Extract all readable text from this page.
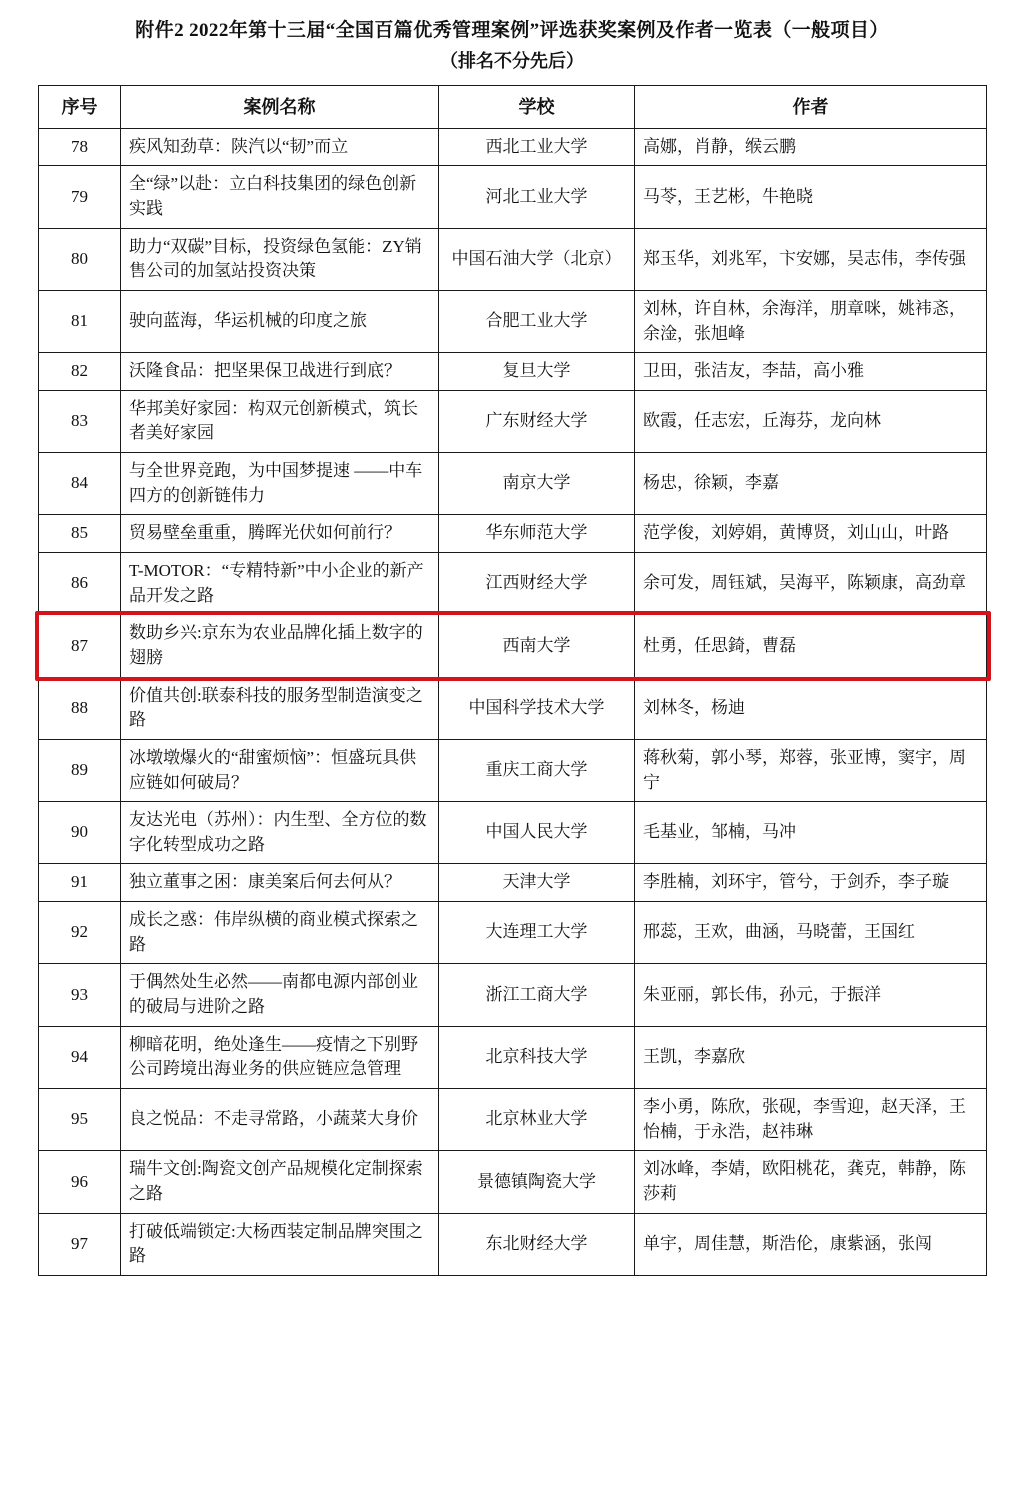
附件2 2022年第十三届“全国百篇优秀管理案例”评选获奖案例及作者一览表（一般项目）
（排名不分先后）
序号	案例名称	学校	作者
78	疾风知劲草：陕汽以“韧”而立	西北工业大学	高娜，肖静，缑云鹏
79	全“绿”以赴：立白科技集团的绿色创新实践	河北工业大学	马苓，王艺彬，牛艳晓
80	助力“双碳”目标，投资绿色氢能：ZY销售公司的加氢站投资决策	中国石油大学（北京）	郑玉华，刘兆军，卞安娜，吴志伟，李传强
81	驶向蓝海，华运机械的印度之旅	合肥工业大学	刘林，许自林，余海洋，朋章咪，姚袆忞，余淦，张旭峰
82	沃隆食品：把坚果保卫战进行到底？	复旦大学	卫田，张洁友，李喆，高小雅
83	华邦美好家园：构双元创新模式，筑长者美好家园	广东财经大学	欧霞，任志宏，丘海芬，龙向林
84	与全世界竞跑，为中国梦提速 ——中车四方的创新链伟力	南京大学	杨忠，徐颖，李嘉
85	贸易壁垒重重，腾晖光伏如何前行？	华东师范大学	范学俊，刘婷娟，黄博贤，刘山山，叶路
86	T-MOTOR：“专精特新”中小企业的新产品开发之路	江西财经大学	余可发，周钰斌，吴海平，陈颖康，高劲章
87	数助乡兴:京东为农业品牌化插上数字的翅膀	西南大学	杜勇，任思錡，曹磊
88	价值共创:联泰科技的服务型制造演变之路	中国科学技术大学	刘林冬，杨迪
89	冰墩墩爆火的“甜蜜烦恼”：恒盛玩具供应链如何破局？	重庆工商大学	蒋秋菊，郭小琴，郑蓉，张亚博，窦宇，周宁
90	友达光电（苏州）：内生型、全方位的数字化转型成功之路	中国人民大学	毛基业，邹楠，马冲
91	独立董事之困：康美案后何去何从？	天津大学	李胜楠，刘环宇，管兮，于剑乔，李子璇
92	成长之惑：伟岸纵横的商业模式探索之路	大连理工大学	邢蕊，王欢，曲涵，马晓蕾，王国红
93	于偶然处生必然——南都电源内部创业的破局与进阶之路	浙江工商大学	朱亚丽，郭长伟，孙元，于振洋
94	柳暗花明，绝处逢生——疫情之下别野公司跨境出海业务的供应链应急管理	北京科技大学	王凯，李嘉欣
95	良之悦品：不走寻常路，小蔬菜大身价	北京林业大学	李小勇，陈欣，张砚，李雪迎，赵天泽，王怡楠，于永浩，赵祎琳
96	瑞牛文创:陶瓷文创产品规模化定制探索之路	景德镇陶瓷大学	刘冰峰，李婧，欧阳桃花，龚克，韩静，陈莎莉
97	打破低端锁定:大杨西装定制品牌突围之路	东北财经大学	单宇，周佳慧，斯浩伦，康紫涵，张闯
